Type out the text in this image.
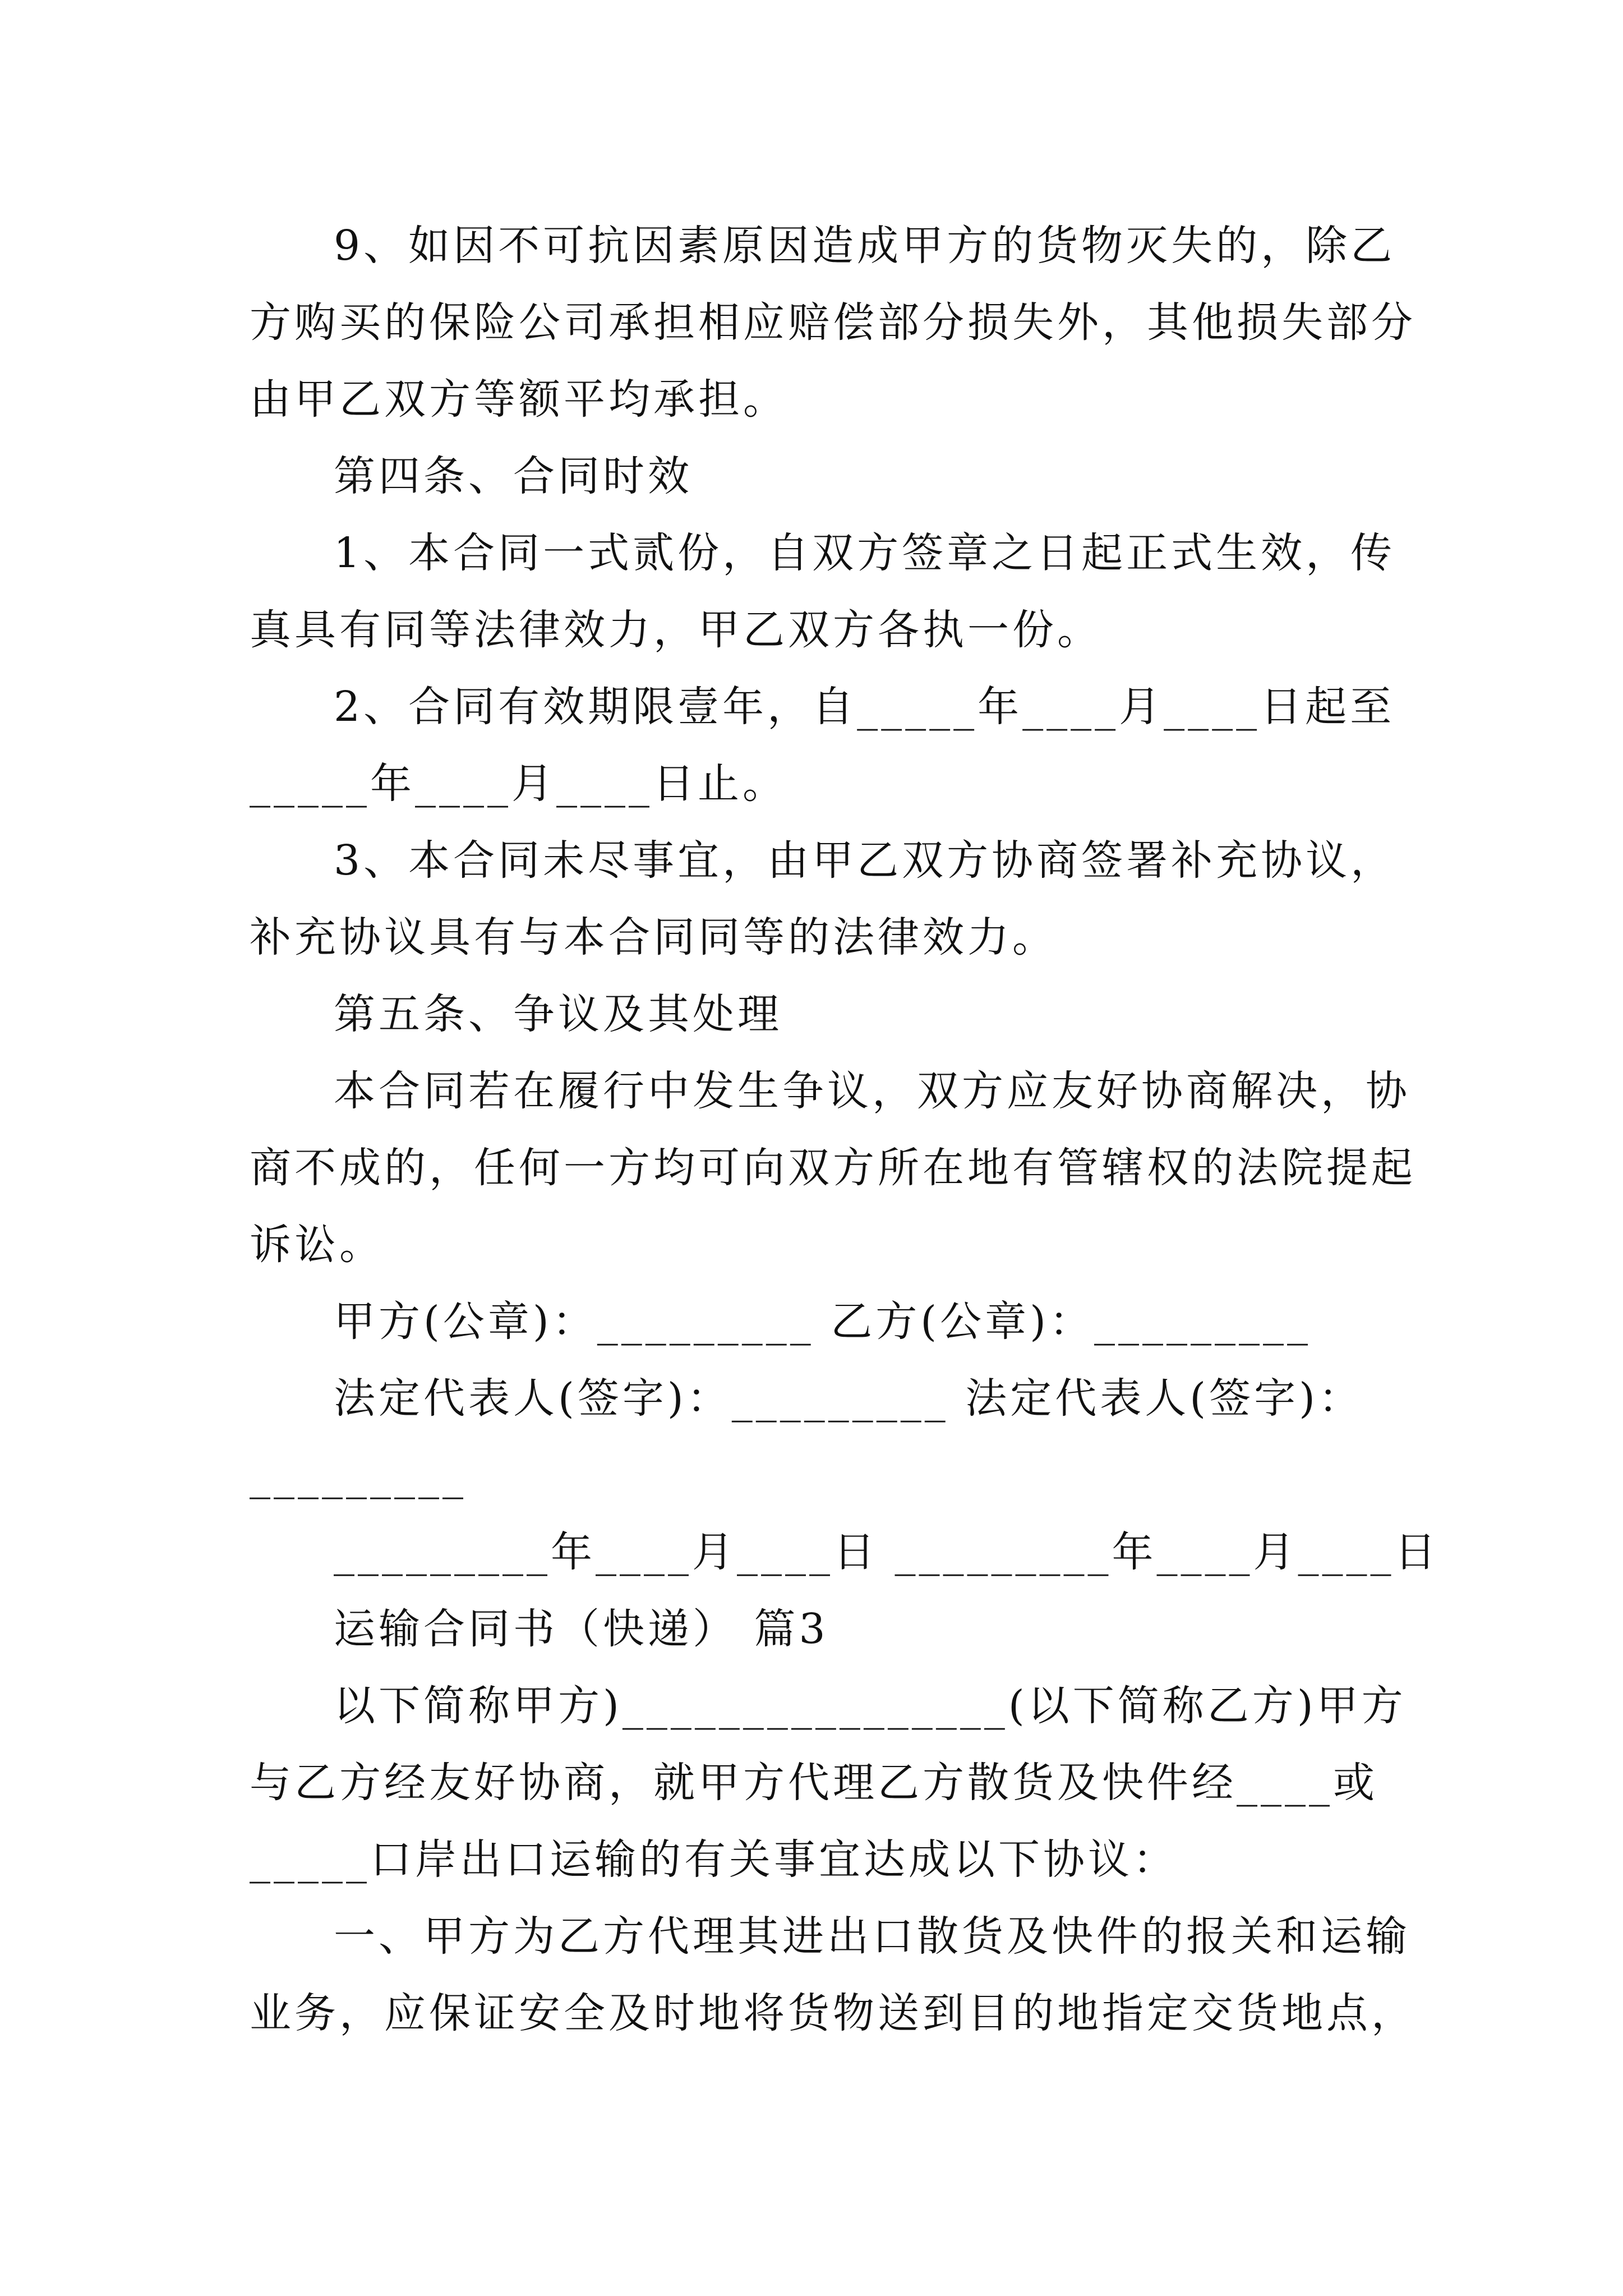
9、如因不可抗因素原因造成甲方的货物灭失的，除乙
方购买的保险公司承担相应赔偿部分损失外，其他损失部分
由甲乙双方等额平均承担。
第四条、合同时效
1、本合同一式贰份，自双方签章之日起正式生效，传
真具有同等法律效力，甲乙双方各执一份。
2、合同有效期限壹年，自_____年____月____日起至
_____年____月____日止。
3、本合同未尽事宜，由甲乙双方协商签署补充协议，
补充协议具有与本合同同等的法律效力。
第五条、争议及其处理
本合同若在履行中发生争议，双方应友好协商解决，协
商不成的，任何一方均可向双方所在地有管辖权的法院提起
诉讼。
甲方(公章)：_________ 乙方(公章)：_________
法定代表人(签字)：_________ 法定代表人(签字)：
_________
_________年____月____日 _________年____月____日
运输合同书（快递） 篇3
以下简称甲方)________________(以下简称乙方)甲方
与乙方经友好协商，就甲方代理乙方散货及快件经____或
_____口岸出口运输的有关事宜达成以下协议：
一、甲方为乙方代理其进出口散货及快件的报关和运输
业务，应保证安全及时地将货物送到目的地指定交货地点，
